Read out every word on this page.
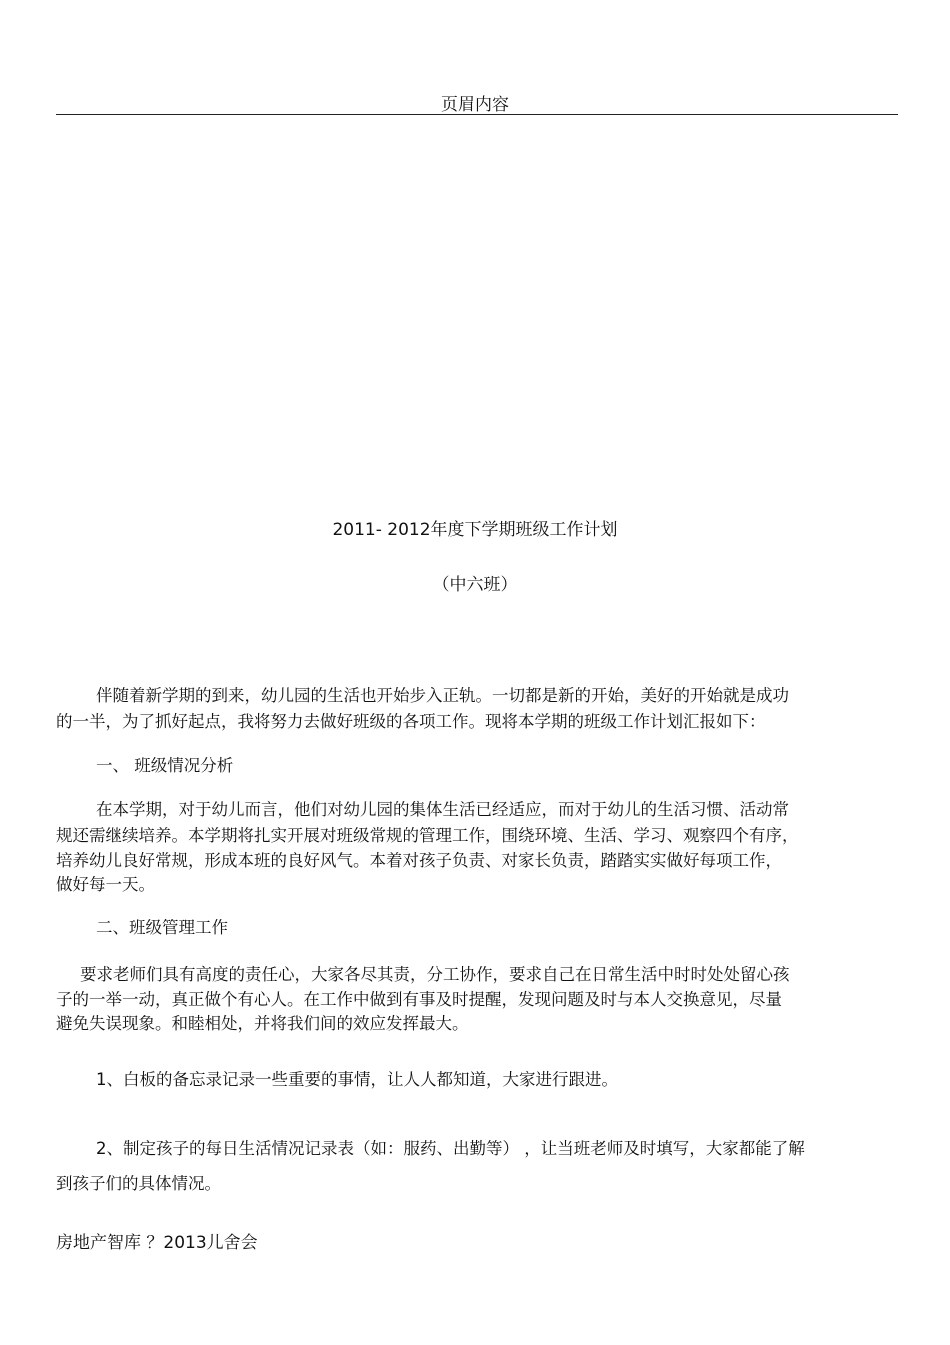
页眉内容
2011- 2012年度下学期班级工作计划
（中六班）
伴随着新学期的到来，幼儿园的生活也开始步入正轨。一切都是新的开始，美好的开始就是成功
的一半，为了抓好起点，我将努力去做好班级的各项工作。现将本学期的班级工作计划汇报如下：
一、 班级情况分析
在本学期，对于幼儿而言，他们对幼儿园的集体生活已经适应，而对于幼儿的生活习惯、活动常
规还需继续培养。本学期将扎实开展对班级常规的管理工作，围绕环境、生活、学习、观察四个有序，
培养幼儿良好常规，形成本班的良好风气。本着对孩子负责、对家长负责，踏踏实实做好每项工作，
做好每一天。
二、班级管理工作
要求老师们具有高度的责任心，大家各尽其责，分工协作，要求自己在日常生活中时时处处留心孩
子的一举一动，真正做个有心人。在工作中做到有事及时提醒，发现问题及时与本人交换意见，尽量
避免失误现象。和睦相处，并将我们间的效应发挥最大。
1、白板的备忘录记录一些重要的事情，让人人都知道，大家进行跟进。
2、制定孩子的每日生活情况记录表（如：服药、出勤等） ，让当班老师及时填写，大家都能了解
到孩子们的具体情况。
房地产智库 ？2013儿舍会
